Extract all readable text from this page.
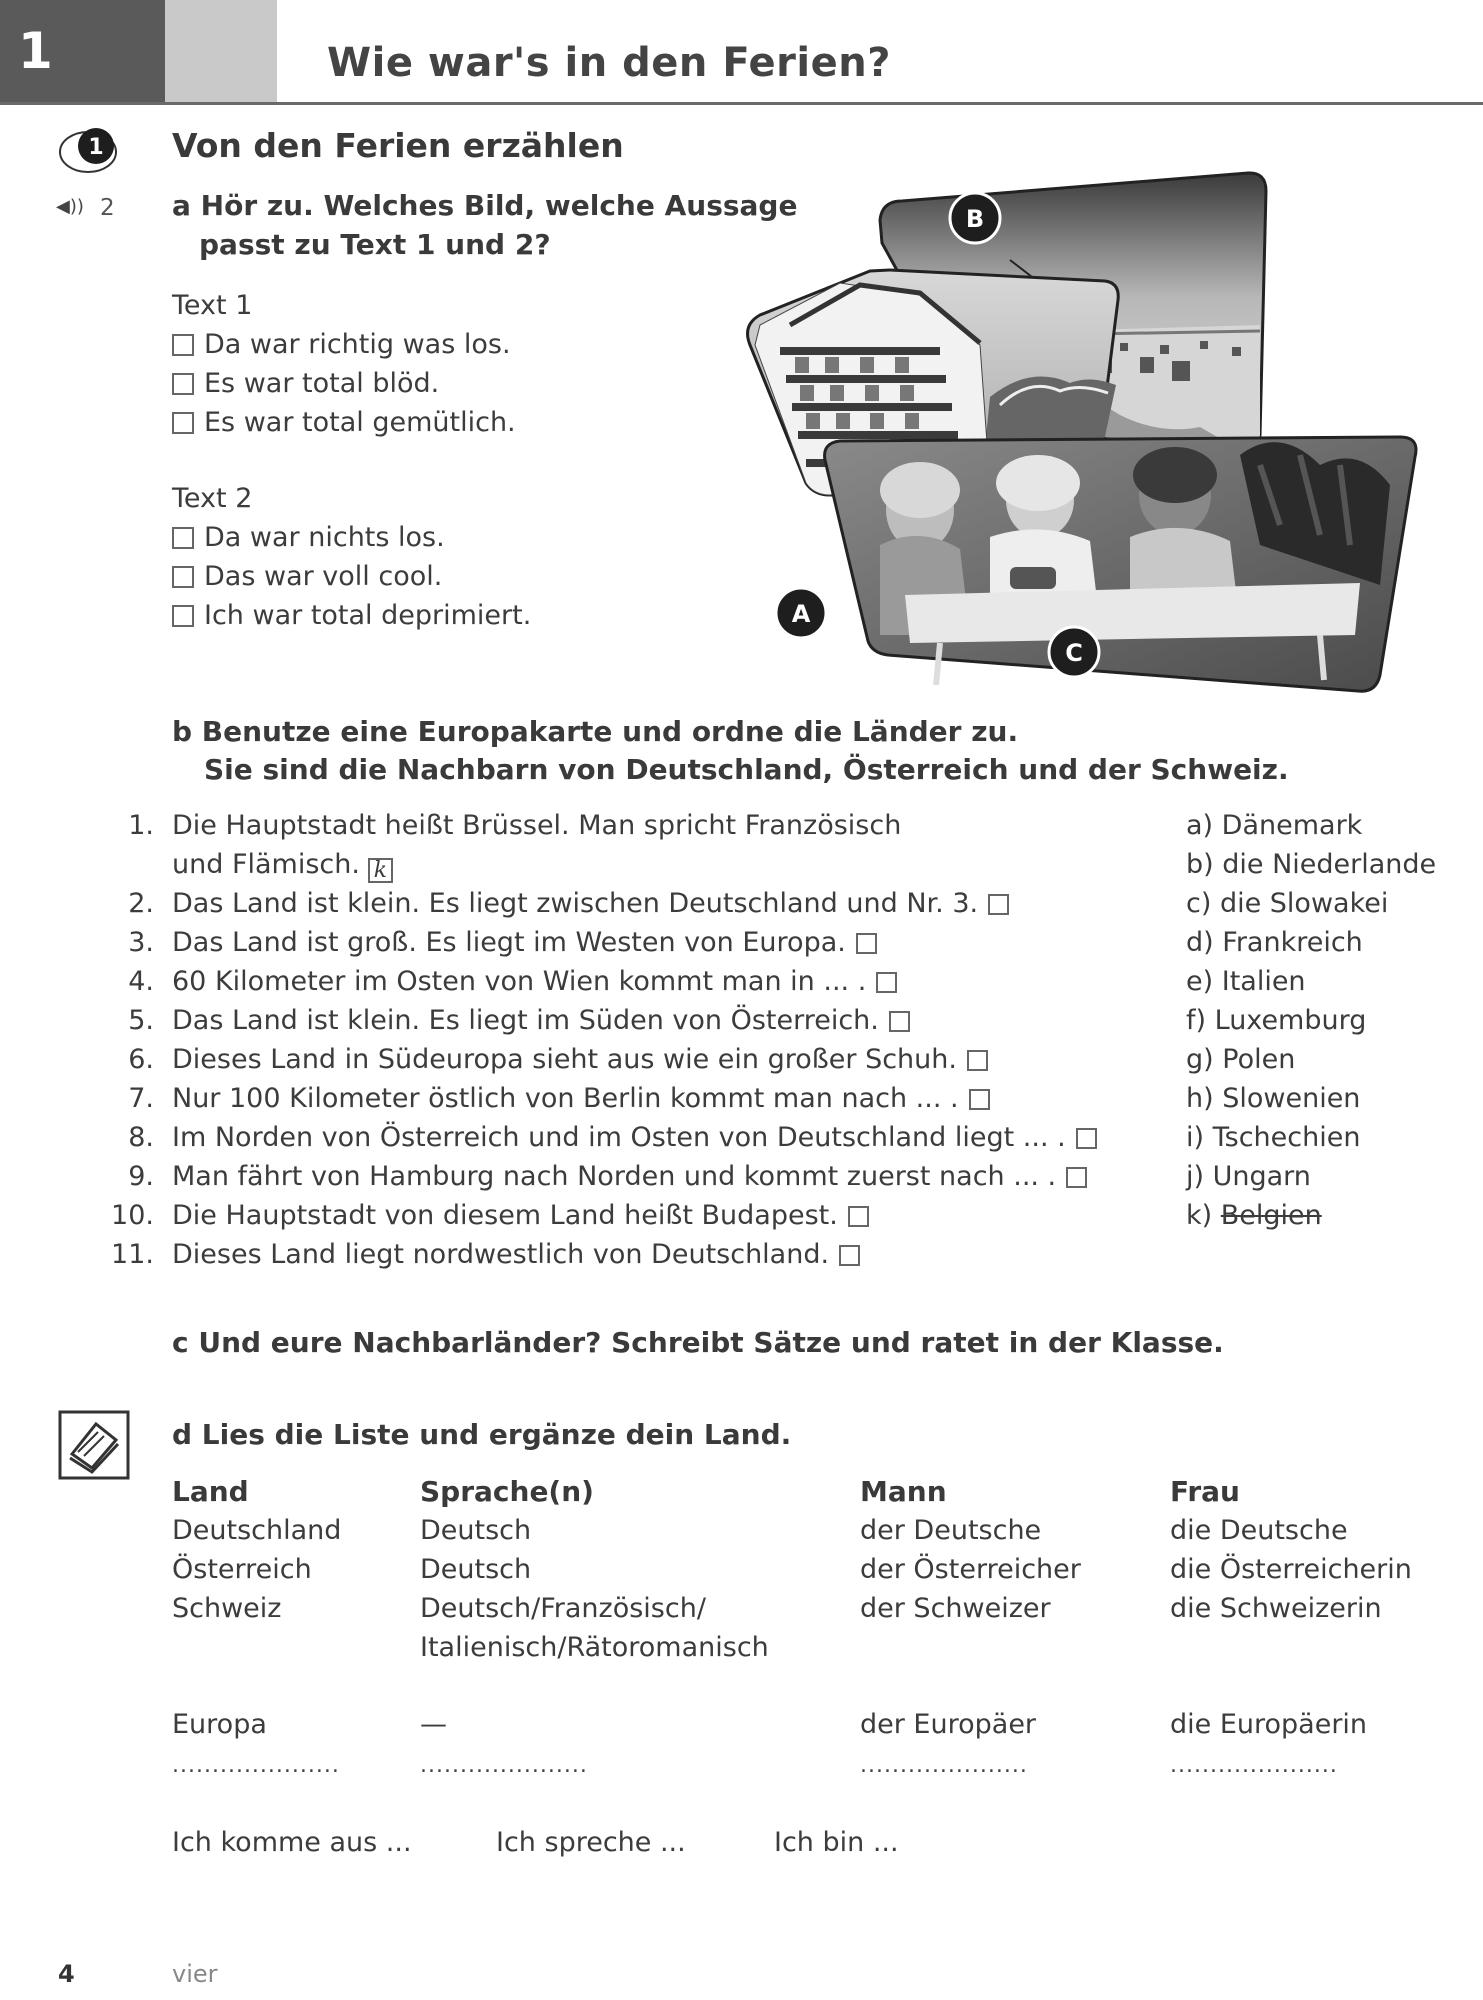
1	Wie war's in den Ferien?
1 Von den Ferien erzählen
◀)) 2 a Hör zu. Welches Bild, welche Aussage
passt zu Text 1 und 2?
Text 1
Da war richtig was los.
Es war total blöd.
Es war total gemütlich.
Text 2
Da war nichts los.
Das war voll cool.
Ich war total deprimiert.
B
A
C
b Benutze eine Europakarte und ordne die Länder zu.
Sie sind die Nachbarn von Deutschland, Österreich und der Schweiz.
1. Die Hauptstadt heißt Brüssel. Man spricht Französisch
und Flämisch. k
2. Das Land ist klein. Es liegt zwischen Deutschland und Nr. 3.
3. Das Land ist groß. Es liegt im Westen von Europa.
4. 60 Kilometer im Osten von Wien kommt man in ... .
5. Das Land ist klein. Es liegt im Süden von Österreich.
6. Dieses Land in Südeuropa sieht aus wie ein großer Schuh.
7. Nur 100 Kilometer östlich von Berlin kommt man nach ... .
8. Im Norden von Österreich und im Osten von Deutschland liegt ... .
9. Man fährt von Hamburg nach Norden und kommt zuerst nach ... .
10. Die Hauptstadt von diesem Land heißt Budapest.
11. Dieses Land liegt nordwestlich von Deutschland.
a) Dänemark
b) die Niederlande
c) die Slowakei
d) Frankreich
e) Italien
f) Luxemburg
g) Polen
h) Slowenien
i) Tschechien
j) Ungarn
k) Belgien
c Und eure Nachbarländer? Schreibt Sätze und ratet in der Klasse.
d Lies die Liste und ergänze dein Land.
Land	Sprache(n)	Mann	Frau
Deutschland	Deutsch	der Deutsche	die Deutsche
Österreich	Deutsch	der Österreicher	die Österreicherin
Schweiz	Deutsch/Französisch/	der Schweizer	die Schweizerin
	Italienisch/Rätoromanisch		

Europa	—	der Europäer	die Europäerin
.....................	.....................	.....................	.....................
Ich komme aus ...	Ich spreche ...	Ich bin ...
4	vier
